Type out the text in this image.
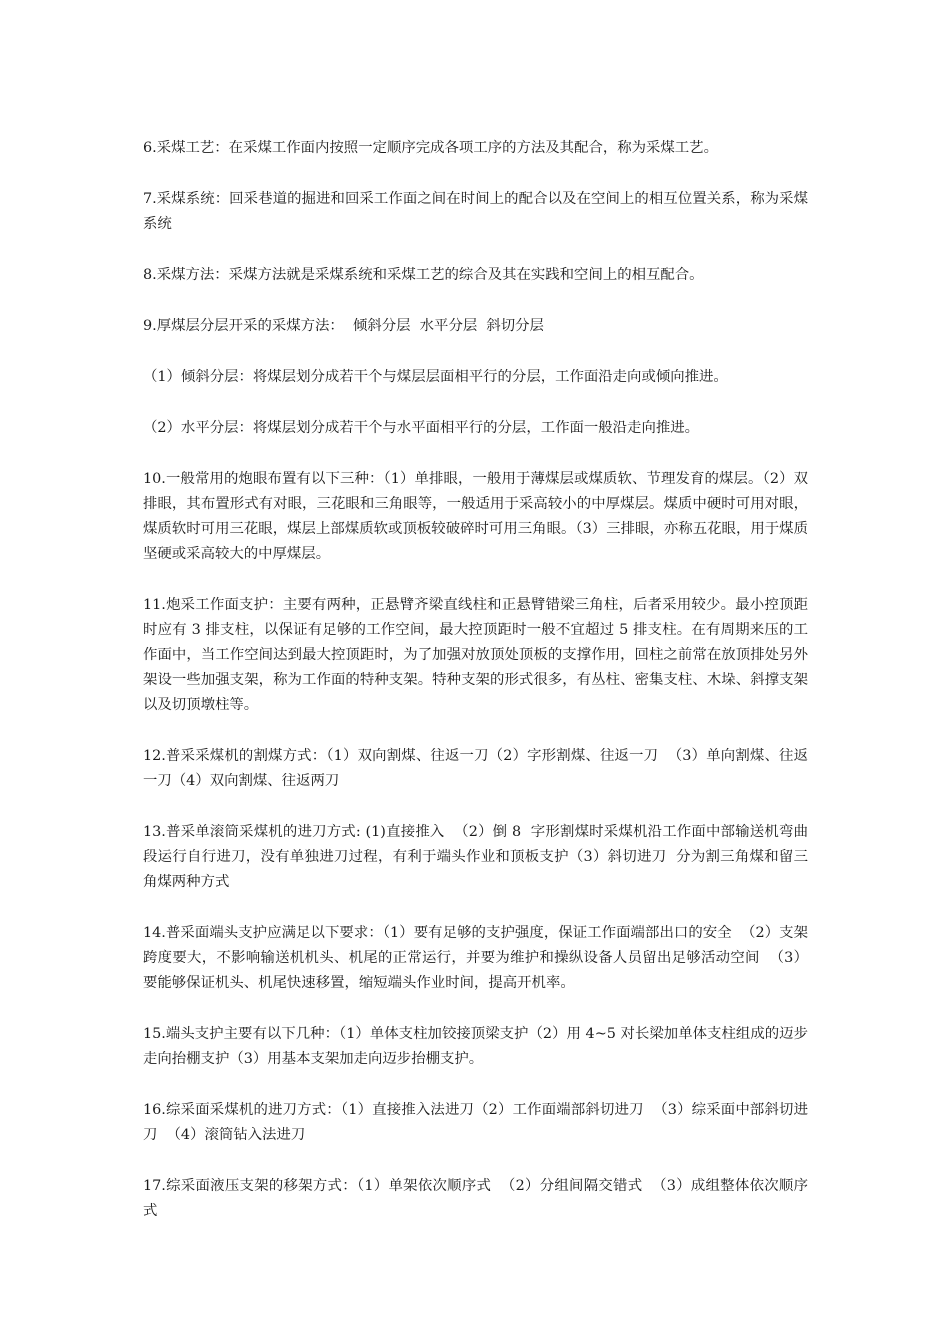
6.采煤工艺：在采煤工作面内按照一定顺序完成各项工序的方法及其配合，称为采煤工艺。

7.采煤系统：回采巷道的掘进和回采工作面之间在时间上的配合以及在空间上的相互位置关系，称为采煤系统

8.采煤方法：采煤方法就是采煤系统和采煤工艺的综合及其在实践和空间上的相互配合。

9.厚煤层分层开采的采煤方法：  倾斜分层  水平分层  斜切分层

（1）倾斜分层：将煤层划分成若干个与煤层层面相平行的分层，工作面沿走向或倾向推进。

（2）水平分层：将煤层划分成若干个与水平面相平行的分层，工作面一般沿走向推进。

10.一般常用的炮眼布置有以下三种：（1）单排眼，一般用于薄煤层或煤质软、节理发育的煤层。（2）双排眼，其布置形式有对眼，三花眼和三角眼等，一般适用于采高较小的中厚煤层。煤质中硬时可用对眼，煤质软时可用三花眼，煤层上部煤质软或顶板较破碎时可用三角眼。（3）三排眼，亦称五花眼，用于煤质坚硬或采高较大的中厚煤层。

11.炮采工作面支护：主要有两种，正悬臂齐梁直线柱和正悬臂错梁三角柱，后者采用较少。最小控顶距时应有 3 排支柱，以保证有足够的工作空间，最大控顶距时一般不宜超过 5 排支柱。在有周期来压的工作面中，当工作空间达到最大控顶距时，为了加强对放顶处顶板的支撑作用，回柱之前常在放顶排处另外架设一些加强支架，称为工作面的特种支架。特种支架的形式很多，有丛柱、密集支柱、木垛、斜撑支架以及切顶墩柱等。

12.普采采煤机的割煤方式：（1）双向割煤、往返一刀（2）字形割煤、往返一刀  （3）单向割煤、往返一刀（4）双向割煤、往返两刀

13.普采单滚筒采煤机的进刀方式: (1)直接推入  （2）倒 8  字形割煤时采煤机沿工作面中部输送机弯曲段运行自行进刀，没有单独进刀过程，有利于端头作业和顶板支护（3）斜切进刀  分为割三角煤和留三角煤两种方式

14.普采面端头支护应满足以下要求：（1）要有足够的支护强度，保证工作面端部出口的安全  （2）支架跨度要大，不影响输送机机头、机尾的正常运行，并要为维护和操纵设备人员留出足够活动空间  （3）要能够保证机头、机尾快速移置，缩短端头作业时间，提高开机率。

15.端头支护主要有以下几种：（1）单体支柱加铰接顶梁支护（2）用 4~5 对长梁加单体支柱组成的迈步走向抬棚支护（3）用基本支架加走向迈步抬棚支护。

16.综采面采煤机的进刀方式：（1）直接推入法进刀（2）工作面端部斜切进刀  （3）综采面中部斜切进刀  （4）滚筒钻入法进刀

17.综采面液压支架的移架方式：（1）单架依次顺序式  （2）分组间隔交错式  （3）成组整体依次顺序式
